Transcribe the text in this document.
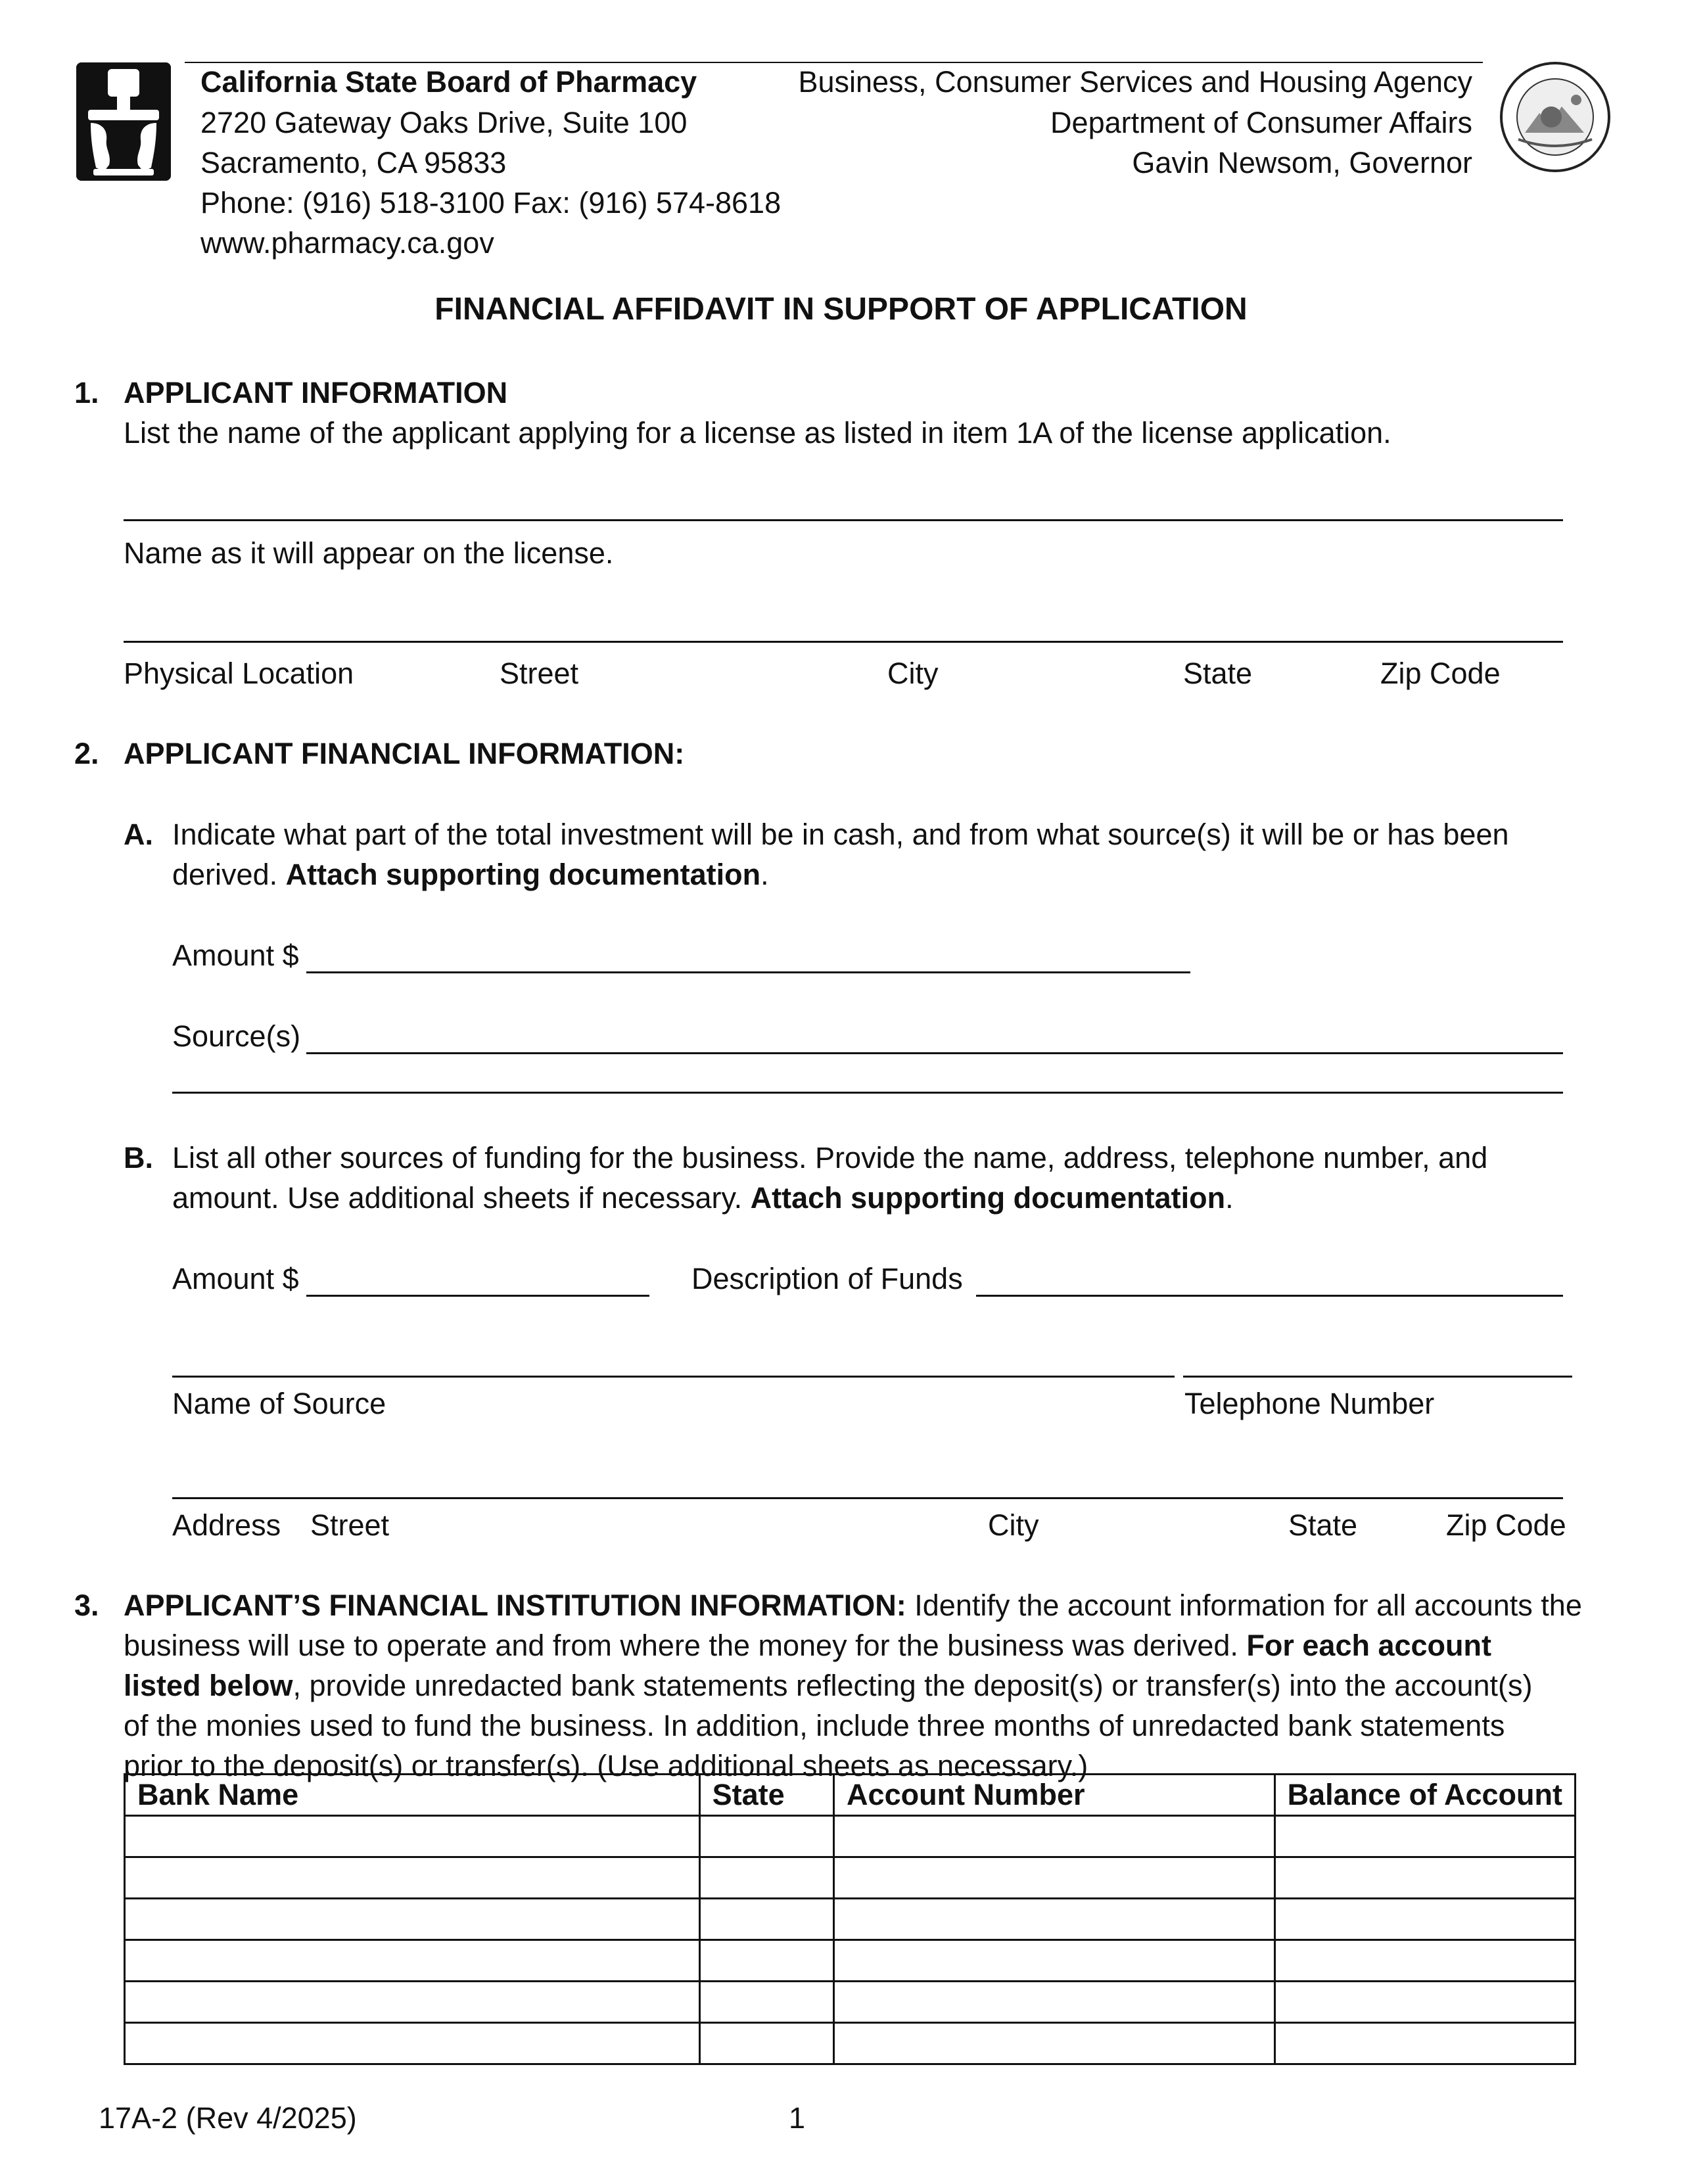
California State Board of Pharmacy
2720 Gateway Oaks Drive, Suite 100
Sacramento, CA 95833
Phone: (916) 518-3100 Fax: (916) 574-8618
www.pharmacy.ca.gov
Business, Consumer Services and Housing Agency
Department of Consumer Affairs
Gavin Newsom, Governor
FINANCIAL AFFIDAVIT IN SUPPORT OF APPLICATION
1. APPLICANT INFORMATION
List the name of the applicant applying for a license as listed in item 1A of the license application.
Name as it will appear on the license.
Physical Location	Street	City	State	Zip Code
2. APPLICANT FINANCIAL INFORMATION:
A. Indicate what part of the total investment will be in cash, and from what source(s) it will be or has been
derived. Attach supporting documentation.
Amount $
Source(s)
B. List all other sources of funding for the business. Provide the name, address, telephone number, and
amount. Use additional sheets if necessary. Attach supporting documentation.
Amount $	Description of Funds
Name of Source	Telephone Number
Address Street	City	State	Zip Code
3. APPLICANT’S FINANCIAL INSTITUTION INFORMATION: Identify the account information for all accounts the
business will use to operate and from where the money for the business was derived. For each account
listed below, provide unredacted bank statements reflecting the deposit(s) or transfer(s) into the account(s)
of the monies used to fund the business. In addition, include three months of unredacted bank statements
prior to the deposit(s) or transfer(s). (Use additional sheets as necessary.)
Bank Name	State	Account Number	Balance of Account

17A-2 (Rev 4/2025)	1
